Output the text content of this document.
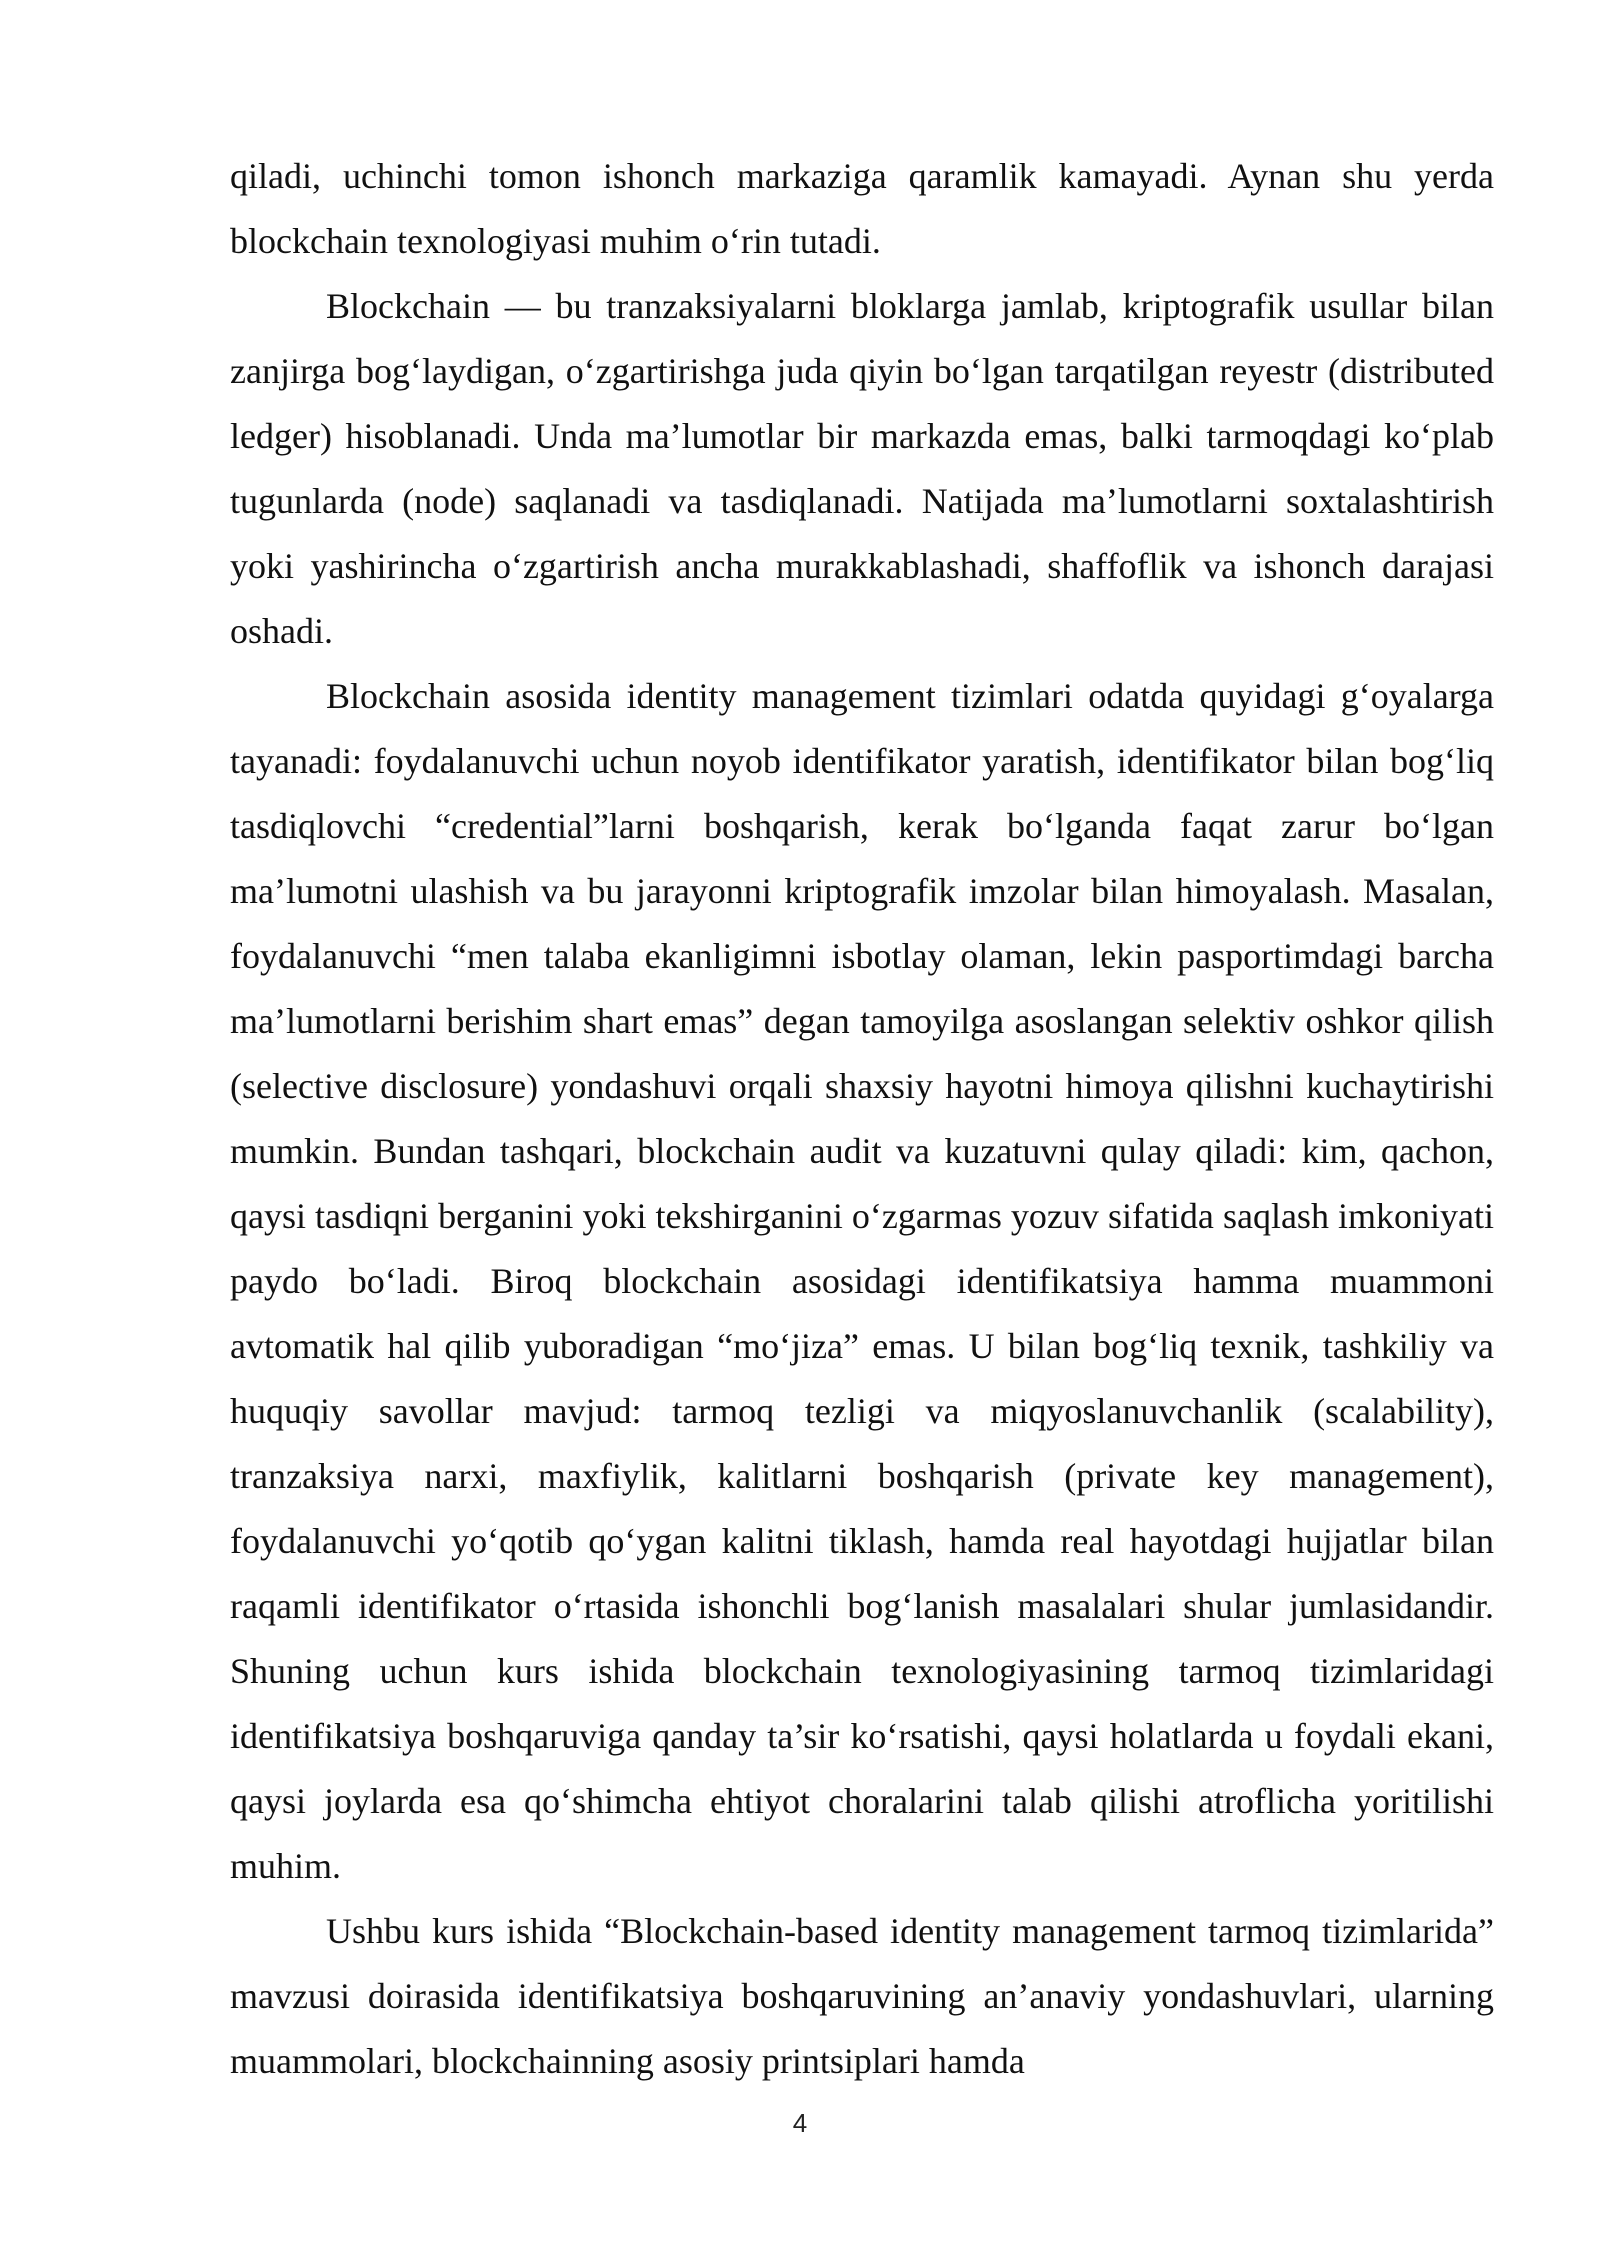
qiladi, uchinchi tomon ishonch markaziga qaramlik kamayadi. Aynan shu yerda blockchain texnologiyasi muhim o‘rin tutadi.

Blockchain — bu tranzaksiyalarni bloklarga jamlab, kriptografik usullar bilan zanjirga bog‘laydigan, o‘zgartirishga juda qiyin bo‘lgan tarqatilgan reyestr (distributed ledger) hisoblanadi. Unda ma’lumotlar bir markazda emas, balki tarmoqdagi ko‘plab tugunlarda (node) saqlanadi va tasdiqlanadi. Natijada ma’lumotlarni soxtalashtirish yoki yashirincha o‘zgartirish ancha murakkablashadi, shaffoflik va ishonch darajasi oshadi.

Blockchain asosida identity management tizimlari odatda quyidagi g‘oyalarga tayanadi: foydalanuvchi uchun noyob identifikator yaratish, identifikator bilan bog‘liq tasdiqlovchi “credential”larni boshqarish, kerak bo‘lganda faqat zarur bo‘lgan ma’lumotni ulashish va bu jarayonni kriptografik imzolar bilan himoyalash. Masalan, foydalanuvchi “men talaba ekanligimni isbotlay olaman, lekin pasportimdagi barcha ma’lumotlarni berishim shart emas” degan tamoyilga asoslangan selektiv oshkor qilish (selective disclosure) yondashuvi orqali shaxsiy hayotni himoya qilishni kuchaytirishi mumkin. Bundan tashqari, blockchain audit va kuzatuvni qulay qiladi: kim, qachon, qaysi tasdiqni berganini yoki tekshirganini o‘zgarmas yozuv sifatida saqlash imkoniyati paydo bo‘ladi. Biroq blockchain asosidagi identifikatsiya hamma muammoni avtomatik hal qilib yuboradigan “mo‘jiza” emas. U bilan bog‘liq texnik, tashkiliy va huquqiy savollar mavjud: tarmoq tezligi va miqyoslanuvchanlik (scalability), tranzaksiya narxi, maxfiylik, kalitlarni boshqarish (private key management), foydalanuvchi yo‘qotib qo‘ygan kalitni tiklash, hamda real hayotdagi hujjatlar bilan raqamli identifikator o‘rtasida ishonchli bog‘lanish masalalari shular jumlasidandir. Shuning uchun kurs ishida blockchain texnologiyasining tarmoq tizimlaridagi identifikatsiya boshqaruviga qanday ta’sir ko‘rsatishi, qaysi holatlarda u foydali ekani, qaysi joylarda esa qo‘shimcha ehtiyot choralarini talab qilishi atroflicha yoritilishi muhim.

Ushbu kurs ishida “Blockchain-based identity management tarmoq tizimlarida” mavzusi doirasida identifikatsiya boshqaruvining an’anaviy yondashuvlari, ularning muammolari, blockchainning asosiy printsiplari hamda

4
